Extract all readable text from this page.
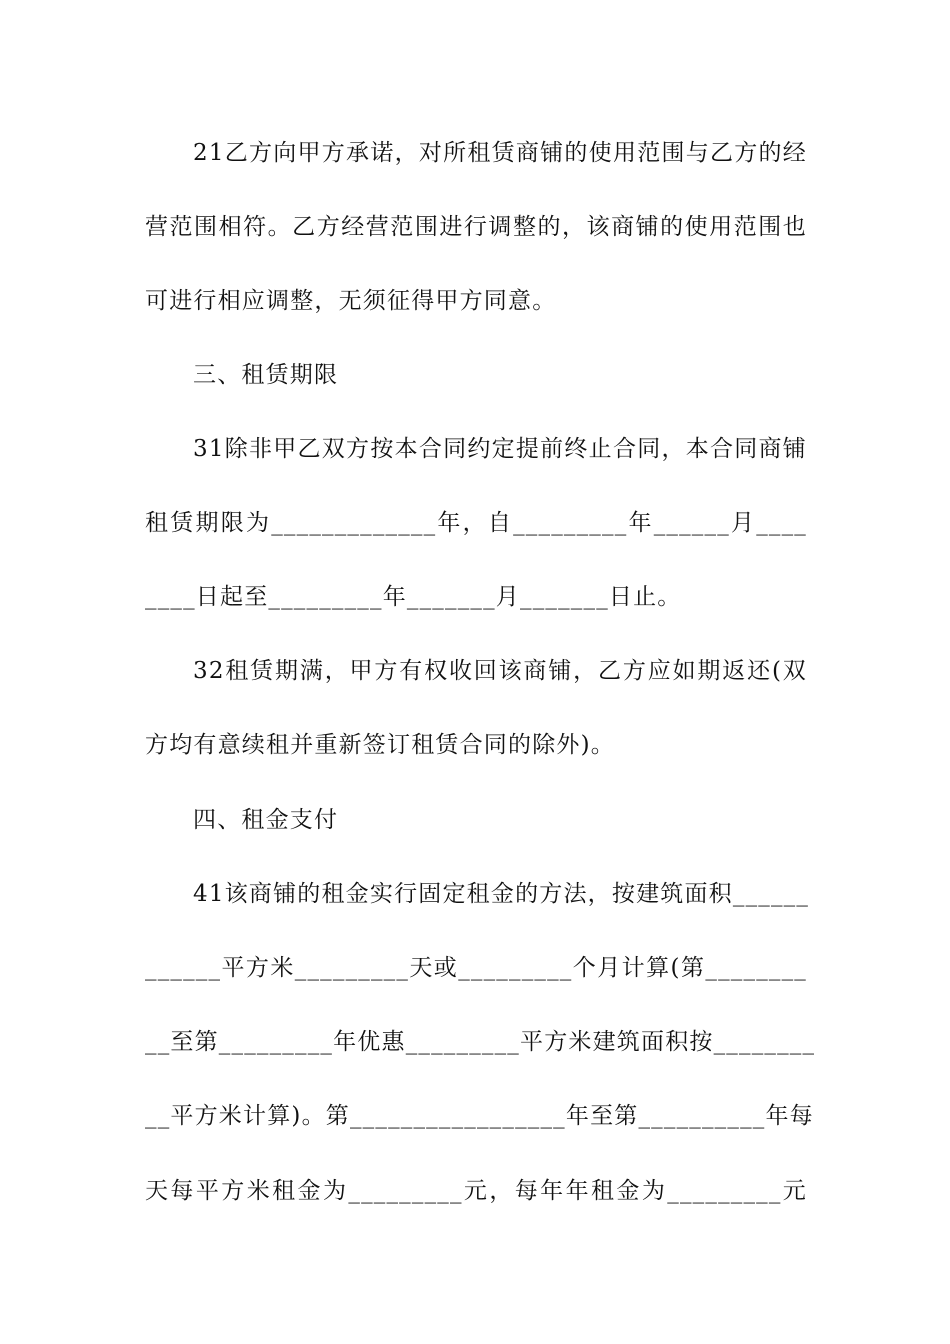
21乙方向甲方承诺，对所租赁商铺的使用范围与乙方的经
营范围相符。乙方经营范围进行调整的，该商铺的使用范围也
可进行相应调整，无须征得甲方同意。
三、租赁期限
31除非甲乙双方按本合同约定提前终止合同，本合同商铺
租赁期限为_____________年，自_________年______月____
____日起至_________年_______月_______日止。
32租赁期满，甲方有权收回该商铺，乙方应如期返还(双
方均有意续租并重新签订租赁合同的除外)。
四、租金支付
41该商铺的租金实行固定租金的方法，按建筑面积______
______平方米_________天或_________个月计算(第________
__至第_________年优惠_________平方米建筑面积按________
__平方米计算)。第_________________年至第__________年每
天每平方米租金为_________元，每年年租金为_________元
